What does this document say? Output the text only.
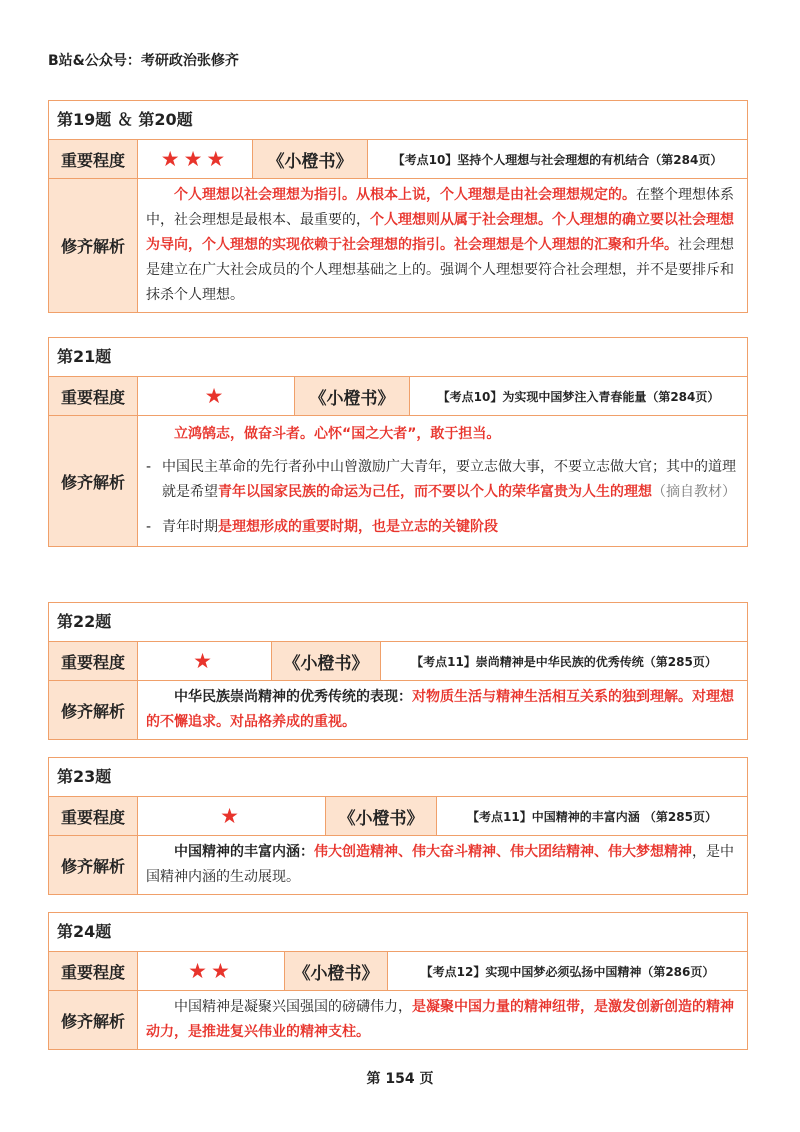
B站&公众号：考研政治张修齐
第19题 ＆ 第20题
重要程度	★★★	《小橙书》	【考点10】坚持个人理想与社会理想的有机结合（第284页）
修齐解析
个人理想以社会理想为指引。从根本上说，个人理想是由社会理想规定的。在整个理想体系中，社会理想是最根本、最重要的，个人理想则从属于社会理想。个人理想的确立要以社会理想为导向，个人理想的实现依赖于社会理想的指引。社会理想是个人理想的汇聚和升华。社会理想是建立在广大社会成员的个人理想基础之上的。强调个人理想要符合社会理想，并不是要排斥和抹杀个人理想。
第21题
重要程度	★	《小橙书》	【考点10】为实现中国梦注入青春能量（第284页）
修齐解析
立鸿鹄志，做奋斗者。心怀“国之大者”，敢于担当。
- 中国民主革命的先行者孙中山曾激励广大青年，要立志做大事，不要立志做大官；其中的道理就是希望青年以国家民族的命运为己任，而不要以个人的荣华富贵为人生的理想（摘自教材）
- 青年时期是理想形成的重要时期，也是立志的关键阶段
第22题
重要程度	★	《小橙书》	【考点11】崇尚精神是中华民族的优秀传统（第285页）
修齐解析
中华民族崇尚精神的优秀传统的表现：对物质生活与精神生活相互关系的独到理解。对理想的不懈追求。对品格养成的重视。
第23题
重要程度	★	《小橙书》	【考点11】中国精神的丰富内涵 （第285页）
修齐解析
中国精神的丰富内涵：伟大创造精神、伟大奋斗精神、伟大团结精神、伟大梦想精神，是中国精神内涵的生动展现。
第24题
重要程度	★★	《小橙书》	【考点12】实现中国梦必须弘扬中国精神（第286页）
修齐解析
中国精神是凝聚兴国强国的磅礴伟力，是凝聚中国力量的精神纽带，是激发创新创造的精神动力，是推进复兴伟业的精神支柱。
第 154 页
